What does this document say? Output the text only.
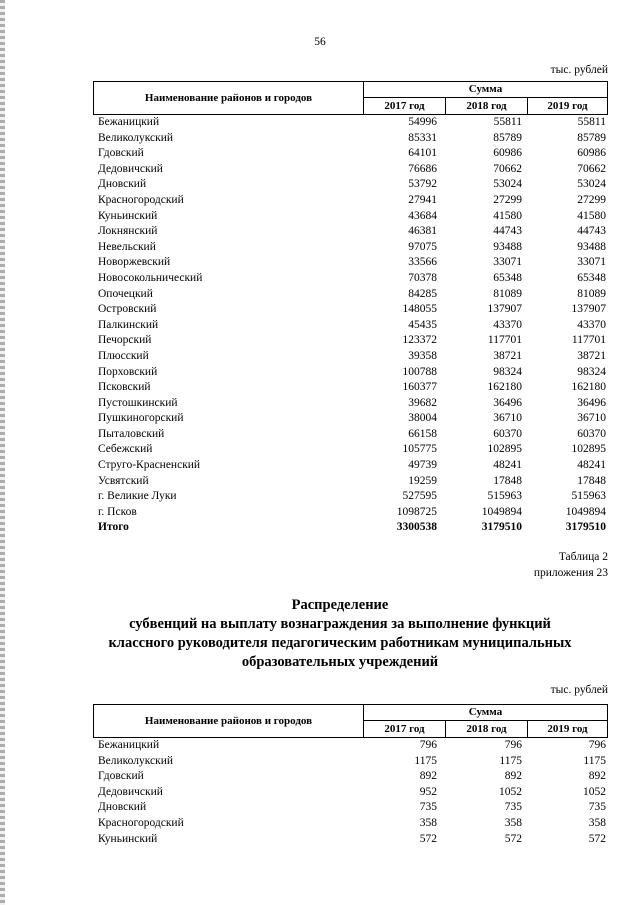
56
тыс. рублей
Наименование районов и городов
Сумма
2017 год	2018 год	2019 год
Бежаницкий	54996	55811	55811
Великолукский	85331	85789	85789
Гдовский	64101	60986	60986
Дедовичский	76686	70662	70662
Дновский	53792	53024	53024
Красногородский	27941	27299	27299
Куньинский	43684	41580	41580
Локнянский	46381	44743	44743
Невельский	97075	93488	93488
Новоржевский	33566	33071	33071
Новосокольнический	70378	65348	65348
Опочецкий	84285	81089	81089
Островский	148055	137907	137907
Палкинский	45435	43370	43370
Печорский	123372	117701	117701
Плюсский	39358	38721	38721
Порховский	100788	98324	98324
Псковский	160377	162180	162180
Пустошкинский	39682	36496	36496
Пушкиногорский	38004	36710	36710
Пыталовский	66158	60370	60370
Себежский	105775	102895	102895
Струго-Красненский	49739	48241	48241
Усвятский	19259	17848	17848
г. Великие Луки	527595	515963	515963
г. Псков	1098725	1049894	1049894
Итого	3300538	3179510	3179510
Таблица 2
приложения 23
Распределение
субвенций на выплату вознаграждения за выполнение функций
классного руководителя педагогическим работникам муниципальных
образовательных учреждений
тыс. рублей
Наименование районов и городов
Сумма
2017 год	2018 год	2019 год
Бежаницкий	796	796	796
Великолукский	1175	1175	1175
Гдовский	892	892	892
Дедовичский	952	1052	1052
Дновский	735	735	735
Красногородский	358	358	358
Куньинский	572	572	572
